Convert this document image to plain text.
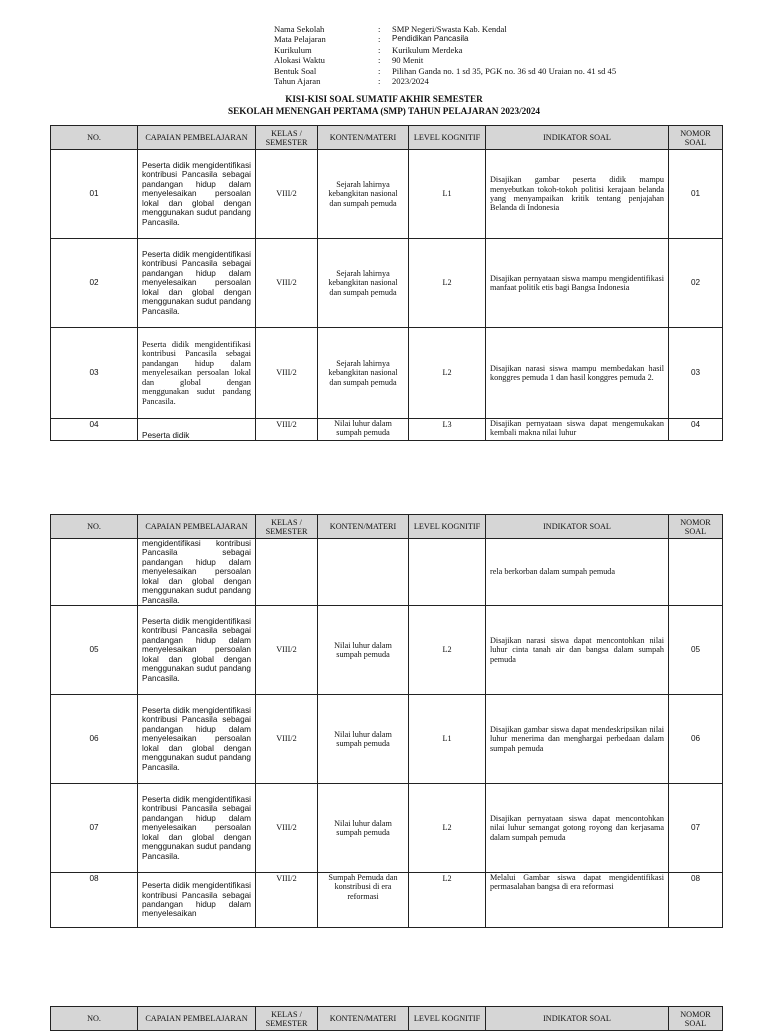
Nama Sekolah	:	SMP Negeri/Swasta Kab. Kendal
Mata Pelajaran	:	Pendidikan Pancasila
Kurikulum	:	Kurikulum Merdeka
Alokasi Waktu	:	90 Menit
Bentuk Soal	:	Pilihan Ganda no. 1 sd 35, PGK no. 36 sd 40 Uraian no. 41 sd 45
Tahun Ajaran	:	2023/2024
KISI-KISI SOAL SUMATIF AKHIR SEMESTER
SEKOLAH MENENGAH PERTAMA (SMP) TAHUN PELAJARAN 2023/2024
NO.	CAPAIAN PEMBELAJARAN	KELAS / SEMESTER	KONTEN/MATERI	LEVEL KOGNITIF	INDIKATOR SOAL	NOMOR SOAL
01	Peserta didik mengidentifikasi kontribusi Pancasila sebagai pandangan hidup dalam menyelesaikan persoalan lokal dan global dengan menggunakan sudut pandang Pancasila.	VIII/2	Sejarah lahirnya kebangkitan nasional dan sumpah pemuda	L1	Disajikan gambar peserta didik mampu menyebutkan tokoh-tokoh politisi kerajaan belanda yang menyampaikan kritik tentang penjajahan Belanda di Indonesia	01
02	Peserta didik mengidentifikasi kontribusi Pancasila sebagai pandangan hidup dalam menyelesaikan persoalan lokal dan global dengan menggunakan sudut pandang Pancasila.	VIII/2	Sejarah lahirnya kebangkitan nasional dan sumpah pemuda	L2	Disajikan pernyataan siswa mampu mengidentifikasi manfaat politik etis bagi Bangsa Indonesia	02
03	Peserta didik mengidentifikasi kontribusi Pancasila sebagai pandangan hidup dalam menyelesaikan persoalan lokal dan global dengan menggunakan sudut pandang Pancasila.	VIII/2	Sejarah lahirnya kebangkitan nasional dan sumpah pemuda	L2	Disajikan narasi siswa mampu membedakan hasil konggres pemuda 1 dan hasil konggres pemuda 2.	03
04	Peserta didik	VIII/2	Nilai luhur dalam sumpah pemuda	L3	Disajikan pernyataan siswa dapat mengemukakan kembali makna nilai luhur	04
NO.	CAPAIAN PEMBELAJARAN	KELAS / SEMESTER	KONTEN/MATERI	LEVEL KOGNITIF	INDIKATOR SOAL	NOMOR SOAL
	mengidentifikasi kontribusi Pancasila sebagai pandangan hidup dalam menyelesaikan persoalan lokal dan global dengan menggunakan sudut pandang Pancasila.				rela berkorban dalam sumpah pemuda	
05	Peserta didik mengidentifikasi kontribusi Pancasila sebagai pandangan hidup dalam menyelesaikan persoalan lokal dan global dengan menggunakan sudut pandang Pancasila.	VIII/2	Nilai luhur dalam sumpah pemuda	L2	Disajikan narasi siswa dapat mencontohkan nilai luhur cinta tanah air dan bangsa dalam sumpah pemuda	05
06	Peserta didik mengidentifikasi kontribusi Pancasila sebagai pandangan hidup dalam menyelesaikan persoalan lokal dan global dengan menggunakan sudut pandang Pancasila.	VIII/2	Nilai luhur dalam sumpah pemuda	L1	Disajikan gambar siswa dapat mendeskripsikan nilai luhur menerima dan menghargai perbedaan dalam sumpah pemuda	06
07	Peserta didik mengidentifikasi kontribusi Pancasila sebagai pandangan hidup dalam menyelesaikan persoalan lokal dan global dengan menggunakan sudut pandang Pancasila.	VIII/2	Nilai luhur dalam sumpah pemuda	L2	Disajikan pernyataan siswa dapat mencontohkan nilai luhur semangat gotong royong dan kerjasama dalam sumpah pemuda	07
08	Peserta didik mengidentifikasi kontribusi Pancasila sebagai pandangan hidup dalam menyelesaikan	VIII/2	Sumpah Pemuda dan konstribusi di era reformasi	L2	Melalui Gambar siswa dapat mengidentifikasi permasalahan bangsa di era reformasi	08
NO.	CAPAIAN PEMBELAJARAN	KELAS / SEMESTER	KONTEN/MATERI	LEVEL KOGNITIF	INDIKATOR SOAL	NOMOR SOAL
